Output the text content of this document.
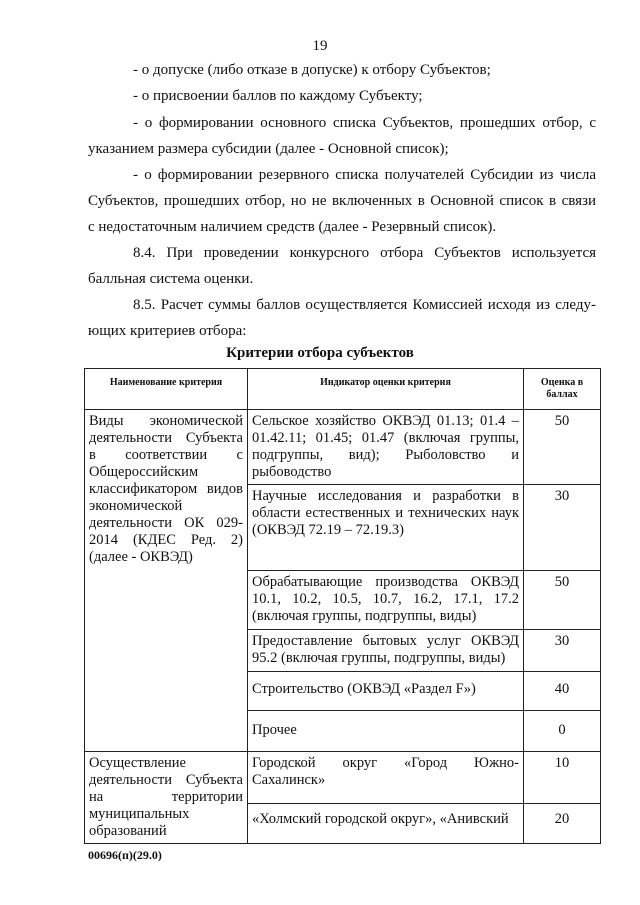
19
- о допуске (либо отказе в допуске) к отбору Субъектов;
- о присвоении баллов по каждому Субъекту;
- о формировании основного списка Субъектов, прошедших отбор, с
указанием размера субсидии (далее - Основной список);
- о формировании резервного списка получателей Субсидии из числа
Субъектов, прошедших отбор, но не включенных в Основной список в связи
с недостаточным наличием средств (далее - Резервный список).
8.4. При проведении конкурсного отбора Субъектов используется
балльная система оценки.
8.5. Расчет суммы баллов осуществляется Комиссией исходя из следу-
ющих критериев отбора:
Критерии отбора субъектов
Наименование критерия	Индикатор оценки критерия	Оценка в баллах
Виды экономической деятельности Субъекта в соответствии с Общероссийским классификатором видов экономической деятельности ОК 029-2014 (КДЕС Ред. 2) (далее - ОКВЭД)	Сельское хозяйство ОКВЭД 01.13; 01.4 – 01.42.11; 01.45; 01.47 (включая группы, подгруппы, вид); Рыболовство и рыбоводство	50
	Научные исследования и разработки в области естественных и технических наук (ОКВЭД 72.19 – 72.19.3)	30
	Обрабатывающие производства ОКВЭД 10.1, 10.2, 10.5, 10.7, 16.2, 17.1, 17.2 (включая группы, подгруппы, виды)	50
	Предоставление бытовых услуг ОКВЭД 95.2 (включая группы, подгруппы, виды)	30
	Строительство (ОКВЭД «Раздел F»)	40
	Прочее	0
Осуществление деятельности Субъекта на территории муниципальных образований	Городской округ «Город Южно-Сахалинск»	10
	«Холмский городской округ», «Анивский	20
00696(п)(29.0)
